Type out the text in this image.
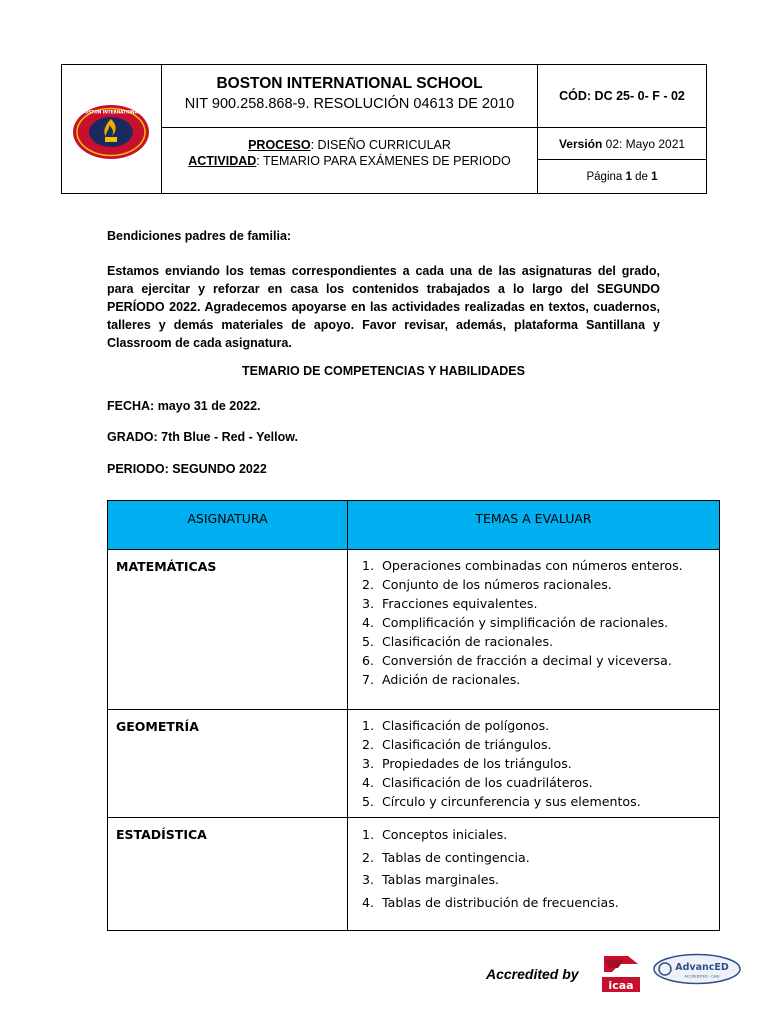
BOSTON INTERNATIONAL
BOSTON INTERNATIONAL SCHOOL
NIT 900.258.868-9. RESOLUCIÓN 04613 DE 2010	CÓD: DC 25- 0- F - 02
PROCESO: DISEÑO CURRICULAR
ACTIVIDAD: TEMARIO PARA EXÁMENES DE PERIODO
Versión 02: Mayo 2021
Página 1 de 1
Bendiciones padres de familia:
Estamos enviando los temas correspondientes a cada una de las asignaturas del grado, para ejercitar y reforzar en casa los contenidos trabajados a lo largo del SEGUNDO PERÍODO 2022. Agradecemos apoyarse en las actividades realizadas en textos, cuadernos, talleres y demás materiales de apoyo. Favor revisar, además, plataforma Santillana y Classroom de cada asignatura.
TEMARIO DE COMPETENCIAS Y HABILIDADES
FECHA: mayo 31 de 2022.
GRADO: 7th Blue - Red - Yellow.
PERIODO: SEGUNDO 2022
ASIGNATURA	TEMAS A EVALUAR
MATEMÁTICAS	1. Operaciones combinadas con números enteros.
2. Conjunto de los números racionales.
3. Fracciones equivalentes.
4. Complificación y simplificación de racionales.
5. Clasificación de racionales.
6. Conversión de fracción a decimal y viceversa.
7. Adición de racionales.
GEOMETRÍA	1. Clasificación de polígonos.
2. Clasificación de triángulos.
3. Propiedades de los triángulos.
4. Clasificación de los cuadriláteros.
5. Círculo y circunferencia y sus elementos.
ESTADÍSTICA	1. Conceptos iniciales.
2. Tablas de contingencia.
3. Tablas marginales.
4. Tablas de distribución de frecuencias.
Accredited by
icaa
AdvancED
ACCREDITED · CASI
